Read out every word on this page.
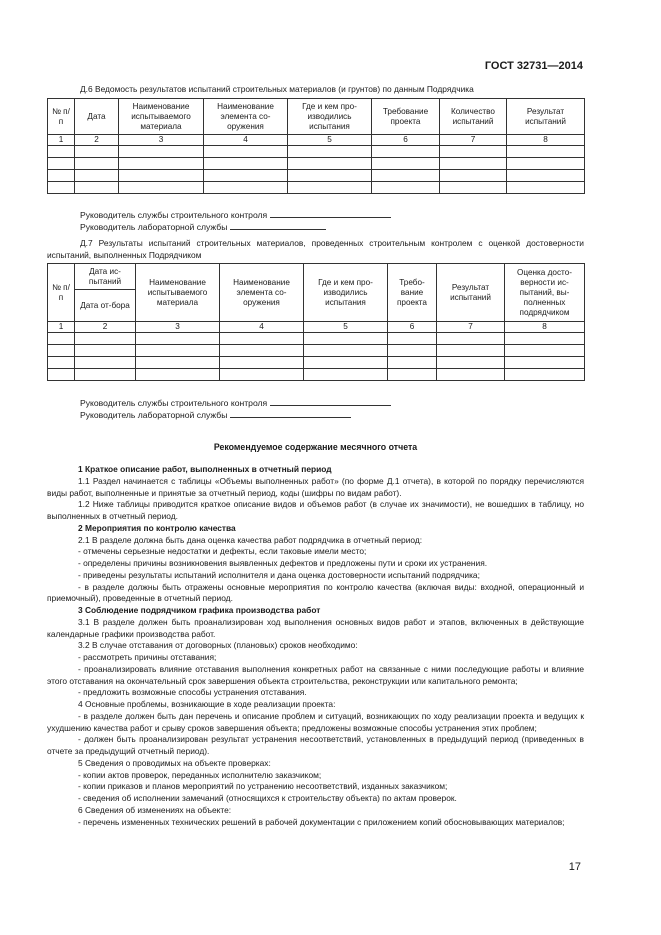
ГОСТ 32731—2014
Д.6 Ведомость результатов испытаний строительных материалов (и грунтов) по данным Подрядчика
№ п/п	Дата	Наименование испытываемого материала	Наименование элемента со-оружения	Где и кем про-изводились испытания	Требование проекта	Количество испытаний	Результат испытаний
1	2	3	4	5	6	7	8

Руководитель службы строительного контроля
Руководитель лабораторной службы
Д.7 Результаты испытаний строительных материалов, проведенных строительным контролем с оценкой достоверности испытаний, выполненных Подрядчиком
№ п/п	Дата ис-пытаний	Наименование испытываемого материала	Наименование элемента со-оружения	Где и кем про-изводились испытания	Требо-вание проекта	Результат испытаний	Оценка досто-верности ис-пытаний, вы-полненных подрядчиком
	Дата от-бора						
1	2	3	4	5	6	7	8

Руководитель службы строительного контроля
Руководитель лабораторной службы
Рекомендуемое содержание месячного отчета

1 Краткое описание работ, выполненных в отчетный период

1.1 Раздел начинается с таблицы «Объемы выполненных работ» (по форме Д.1 отчета), в которой по порядку перечисляются виды работ, выполненные и принятые за отчетный период, коды (шифры по видам работ).

1.2 Ниже таблицы приводится краткое описание видов и объемов работ (в случае их значимости), не вошедших в таблицу, но выполненных в отчетный период.

2 Мероприятия по контролю качества

2.1 В разделе должна быть дана оценка качества работ подрядчика в отчетный период:

- отмечены серьезные недостатки и дефекты, если таковые имели место;

- определены причины возникновения выявленных дефектов и предложены пути и сроки их устранения.

- приведены результаты испытаний исполнителя и дана оценка достоверности испытаний подрядчика;

- в разделе должны быть отражены основные мероприятия по контролю качества (включая виды: входной, операционный и приемочный), проведенные в отчетный период.

3 Соблюдение подрядчиком графика производства работ

3.1 В разделе должен быть проанализирован ход выполнения основных видов работ и этапов, включенных в действующие календарные графики производства работ.

3.2 В случае отставания от договорных (плановых) сроков необходимо:

- рассмотреть причины отставания;

- проанализировать влияние отставания выполнения конкретных работ на связанные с ними последующие работы и влияние этого отставания на окончательный срок завершения объекта строительства, реконструкции или капитального ремонта;

- предложить возможные способы устранения отставания.

4 Основные проблемы, возникающие в ходе реализации проекта:

- в разделе должен быть дан перечень и описание проблем и ситуаций, возникающих по ходу реализации проекта и ведущих к ухудшению качества работ и срыву сроков завершения объекта; предложены возможные способы устранения этих проблем;

- должен быть проанализирован результат устранения несоответствий, установленных в предыдущий период (приведенных в отчете за предыдущий отчетный период).

5 Сведения о проводимых на объекте проверках:

- копии актов проверок, переданных исполнителю заказчиком;

- копии приказов и планов мероприятий по устранению несоответствий, изданных заказчиком;

- сведения об исполнении замечаний (относящихся к строительству объекта) по актам проверок.

6 Сведения об изменениях на объекте:

- перечень измененных технических решений в рабочей документации с приложением копий обосновывающих материалов;

17
